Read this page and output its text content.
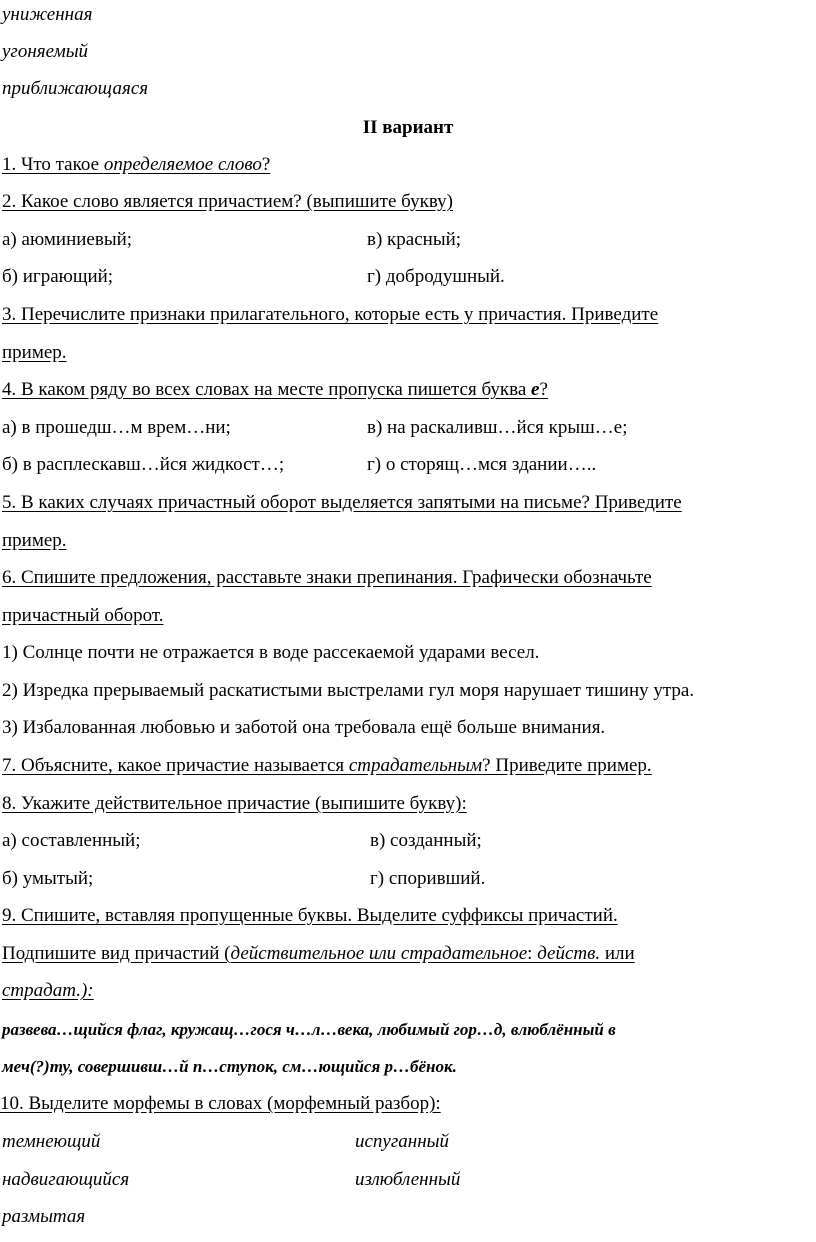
униженная
угоняемый
приближающаяся
II вариант
1. Что такое определяемое слово?
2. Какое слово является причастием? (выпишите букву)
а) аюминиевый;	в) красный;
б) играющий;	г) добродушный.
3. Перечислите признаки прилагательного, которые есть у причастия. Приведите
пример.
4. В каком ряду во всех словах на месте пропуска пишется буква е?
а) в прошедш…м врем…ни;	в) на раскаливш…йся крыш…е;
б) в расплескавш…йся жидкост…;	г) о сторящ…мся здании…..
5. В каких случаях причастный оборот выделяется запятыми на письме? Приведите
пример.
6. Спишите предложения, расставьте знаки препинания. Графически обозначьте
причастный оборот.
1) Солнце почти не отражается в воде рассекаемой ударами весел.
2) Изредка прерываемый раскатистыми выстрелами гул моря нарушает тишину утра.
3) Избалованная любовью и заботой она требовала ещё больше внимания.
7. Объясните, какое причастие называется страдательным? Приведите пример.
8. Укажите действительное причастие (выпишите букву):
а) составленный;	в) созданный;
б) умытый;	г) споривший.
9. Спишите, вставляя пропущенные буквы. Выделите суффиксы причастий.
Подпишите вид причастий (действительное или страдательное: действ. или
страдат.):
развева…щийся флаг, кружащ…гося ч…л…века, любимый гор…д, влюблённый в
меч(?)ту, совершивш…й п…ступок, см…ющийся р…бёнок.
10. Выделите морфемы в словах (морфемный разбор):
темнеющий	испуганный
надвигающийся	излюбленный
размытая
